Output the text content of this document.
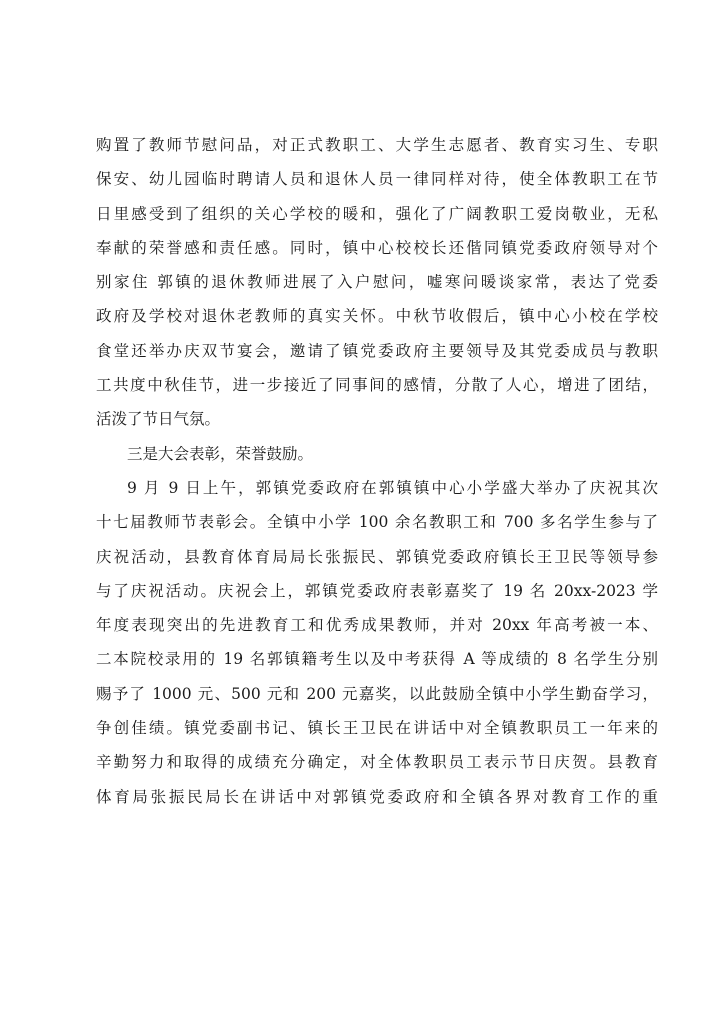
购置了教师节慰问品，对正式教职工、大学生志愿者、教育实习生、专职
保安、幼儿园临时聘请人员和退休人员一律同样对待，使全体教职工在节
日里感受到了组织的关心学校的暖和，强化了广阔教职工爱岗敬业，无私
奉献的荣誉感和责任感。同时，镇中心校校长还偕同镇党委政府领导对个
别家住 郭镇的退休教师进展了入户慰问，嘘寒问暖谈家常，表达了党委
政府及学校对退休老教师的真实关怀。中秋节收假后，镇中心小校在学校
食堂还举办庆双节宴会，邀请了镇党委政府主要领导及其党委成员与教职
工共度中秋佳节，进一步接近了同事间的感情，分散了人心，增进了团结，
活泼了节日气氛。
三是大会表彰，荣誉鼓励。
9 月 9 日上午，郭镇党委政府在郭镇镇中心小学盛大举办了庆祝其次
十七届教师节表彰会。全镇中小学 100 余名教职工和 700 多名学生参与了
庆祝活动，县教育体育局局长张振民、郭镇党委政府镇长王卫民等领导参
与了庆祝活动。庆祝会上，郭镇党委政府表彰嘉奖了 19 名 20xx-2023 学
年度表现突出的先进教育工和优秀成果教师，并对 20xx 年高考被一本、
二本院校录用的 19 名郭镇籍考生以及中考获得 A 等成绩的 8 名学生分别
赐予了 1000 元、500 元和 200 元嘉奖，以此鼓励全镇中小学生勤奋学习，
争创佳绩。镇党委副书记、镇长王卫民在讲话中对全镇教职员工一年来的
辛勤努力和取得的成绩充分确定，对全体教职员工表示节日庆贺。县教育
体育局张振民局长在讲话中对郭镇党委政府和全镇各界对教育工作的重
